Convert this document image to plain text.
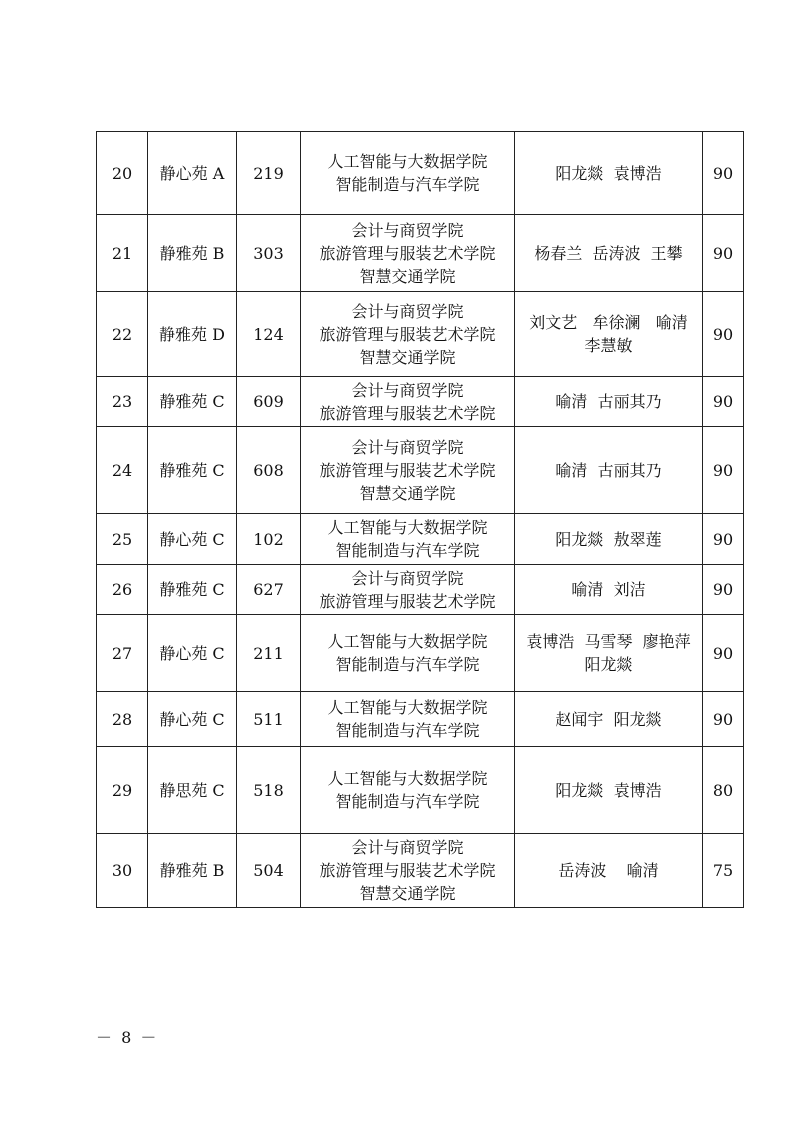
20	静心苑 A	219	人工智能与大数据学院
智能制造与汽车学院	阳龙燚  袁博浩	90
21	静雅苑 B	303	会计与商贸学院
旅游管理与服装艺术学院
智慧交通学院	杨春兰  岳涛波  王攀	90
22	静雅苑 D	124	会计与商贸学院
旅游管理与服装艺术学院
智慧交通学院	刘文艺   牟徐澜   喻清
李慧敏	90
23	静雅苑 C	609	会计与商贸学院
旅游管理与服装艺术学院	喻清  古丽其乃	90
24	静雅苑 C	608	会计与商贸学院
旅游管理与服装艺术学院
智慧交通学院	喻清  古丽其乃	90
25	静心苑 C	102	人工智能与大数据学院
智能制造与汽车学院	阳龙燚  敖翠莲	90
26	静雅苑 C	627	会计与商贸学院
旅游管理与服装艺术学院	喻清  刘洁	90
27	静心苑 C	211	人工智能与大数据学院
智能制造与汽车学院	袁博浩  马雪琴  廖艳萍
阳龙燚	90
28	静心苑 C	511	人工智能与大数据学院
智能制造与汽车学院	赵闻宇  阳龙燚	90
29	静思苑 C	518	人工智能与大数据学院
智能制造与汽车学院	阳龙燚  袁博浩	80
30	静雅苑 B	504	会计与商贸学院
旅游管理与服装艺术学院
智慧交通学院	岳涛波    喻清	75
－ 8 －
